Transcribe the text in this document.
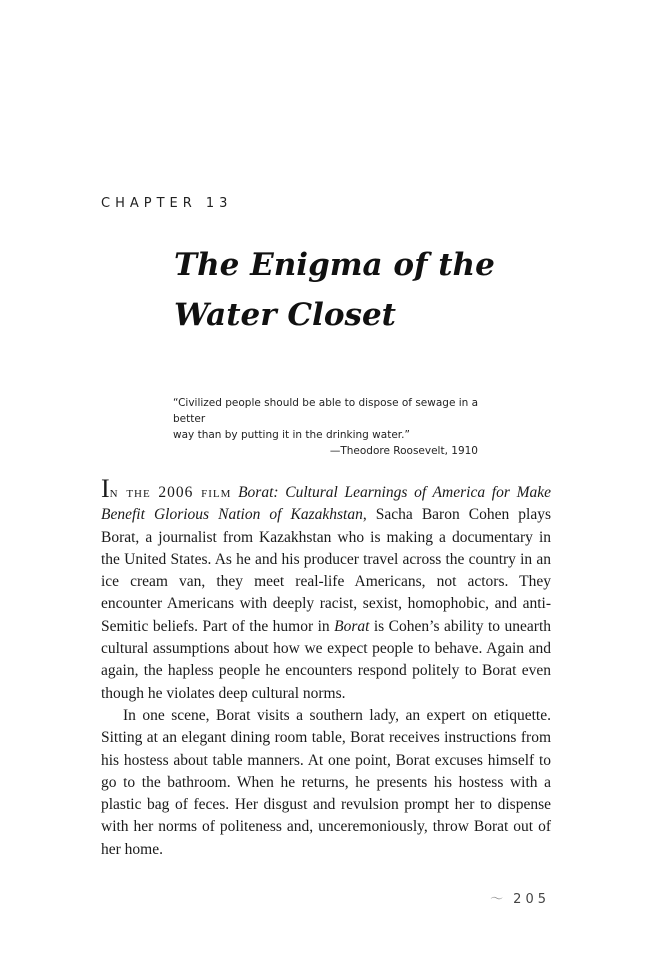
CHAPTER 13
The Enigma of the
Water Closet
“Civilized people should be able to dispose of sewage in a better
way than by putting it in the drinking water.”
—Theodore Roosevelt, 1910

In the 2006 film Borat: Cultural Learnings of America for Make Benefit Glorious Nation of Kazakhstan, Sacha Baron Cohen plays Borat, a journalist from Kazakhstan who is making a documentary in the United States. As he and his producer travel across the country in an ice cream van, they meet real-life Americans, not actors. They encounter Americans with deeply racist, sexist, homophobic, and anti-Semitic beliefs. Part of the humor in Borat is Cohen’s ability to unearth cultural assumptions about how we expect people to behave. Again and again, the hapless people he encounters respond politely to Borat even though he violates deep cultural norms.

In one scene, Borat visits a southern lady, an expert on etiquette. Sitting at an elegant dining room table, Borat receives instructions from his hostess about table manners. At one point, Borat excuses himself to go to the bathroom. When he returns, he presents his hostess with a plastic bag of feces. Her disgust and revulsion prompt her to dispense with her norms of politeness and, unceremoniously, throw Borat out of her home.

〜 205
